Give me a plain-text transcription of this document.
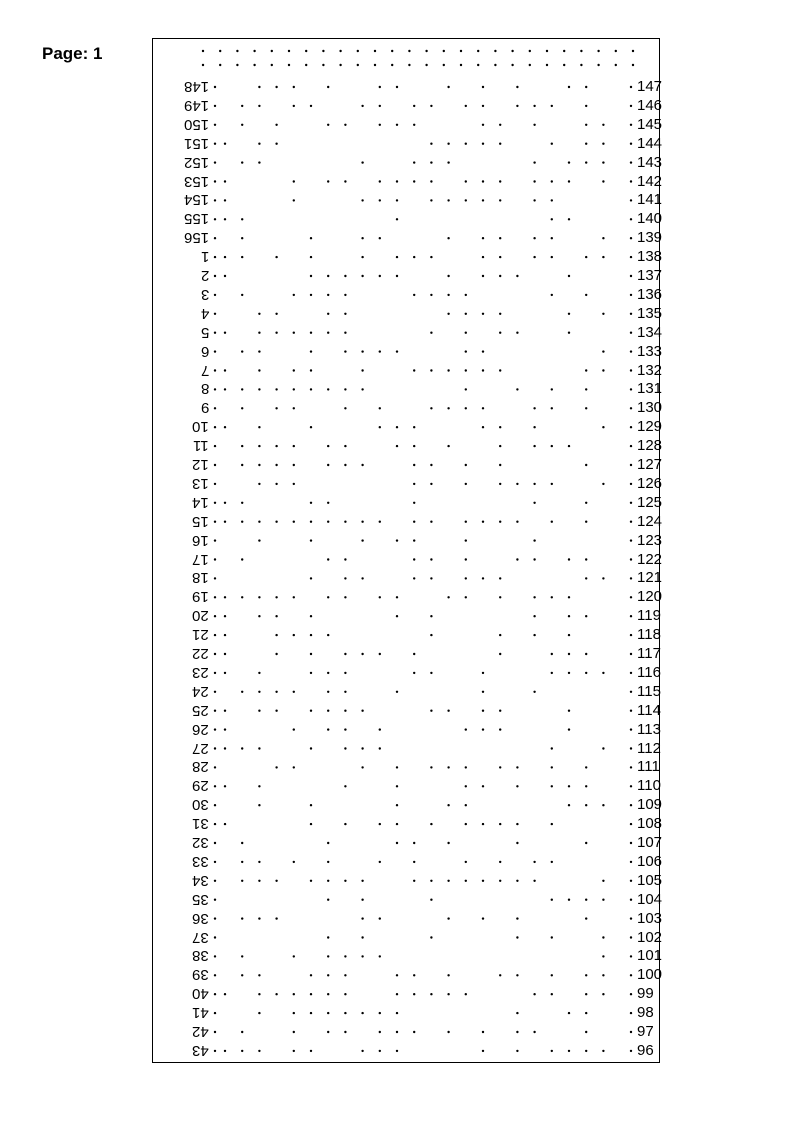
Page: 1
148	147
149	146
150	145
151	144
152	143
153	142
154	141
155	140
156	139
1	138
2	137
3	136
4	135
5	134
6	133
7	132
8	131
9	130
10	129
11	128
12	127
13	126
14	125
15	124
16	123
17	122
18	121
19	120
20	119
21	118
22	117
23	116
24	115
25	114
26	113
27	112
28	111
29	110
30	109
31	108
32	107
33	106
34	105
35	104
36	103
37	102
38	101
39	100
40	99
41	98
42	97
43	96
